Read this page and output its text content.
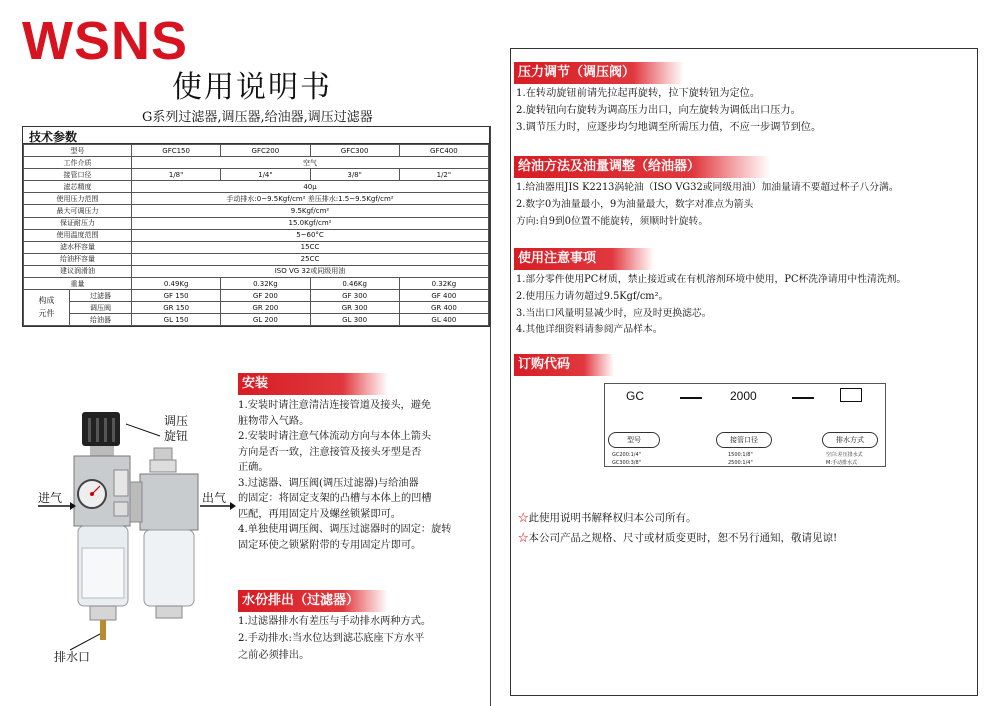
WSNS
使用说明书
G系列过滤器,调压器,给油器,调压过滤器
技术参数
型号		GFC150	GFC200	GFC300	GFC400
工作介质		空气			
接管口径		1/8"	1/4"	3/8"	1/2"
滤芯精度		40μ			
使用压力范围		手动排水:0~9.5Kgf/cm² 差压排水:1.5~9.5Kgf/cm²			
最大可调压力		9.5Kgf/cm²			
保证耐压力		15.0Kgf/cm²			
使用温度范围		5~60°C			
滤水杯容量		15CC			
给油杯容量		25CC			
建议润滑油		ISO VG 32或同级用油			
重量		0.49Kg	0.32Kg	0.46Kg	0.32Kg
构成元件	过滤器	GF 150	GF 200	GF 300	GF 400
	调压阀	GR 150	GR 200	GR 300	GR 400
	给油器	GL 150	GL 200	GL 300	GL 400
调压
旋钮
进气	出气
排水口
安装

1.安装时请注意清洁连接管道及接头，避免

脏物带入气路。

2.安装时请注意气体流动方向与本体上箭头

方向是否一致，注意接管及接头牙型是否

正确。

3.过滤器、调压阀(调压过滤器)与给油器

的固定：将固定支架的凸槽与本体上的凹槽

匹配，再用固定片及螺丝锁紧即可。

4.单独使用调压阀、调压过滤器时的固定：旋转

固定环使之锁紧附带的专用固定片即可。

水份排出（过滤器）

1.过滤器排水有差压与手动排水两种方式。

2.手动排水:当水位达到滤芯底座下方水平

之前必须排出。

压力调节（调压阀）

1.在转动旋钮前请先拉起再旋转，拉下旋转钮为定位。

2.旋转钮向右旋转为调高压力出口，向左旋转为调低出口压力。

3.调节压力时，应逐步均匀地调至所需压力值，不应一步调节到位。

给油方法及油量调整（给油器）

1.给油器用JIS K2213涡轮油（ISO VG32或同级用油）加油量请不要超过杯子八分满。

2.数字0为油量最小，9为油量最大，数字对准点为箭头

方向:自9到0位置不能旋转，须顺时针旋转。

使用注意事项

1.部分零件使用PC材质，禁止接近或在有机溶剂环境中使用，PC杯洗净请用中性清洗剂。

2.使用压力请勿超过9.5Kgf/cm²。

3.当出口风量明显减少时，应及时更换滤芯。

4.其他详细资料请参阅产品样本。

订购代码
GC	2000
型号	接管口径	排水方式
GC200:1/4"
GC300:3/8"
1500:1/8"
2500:1/4"
空白:差压排水式
M:手动排水式
☆此使用说明书解释权归本公司所有。
☆本公司产品之规格、尺寸或材质变更时，恕不另行通知，敬请见谅!
